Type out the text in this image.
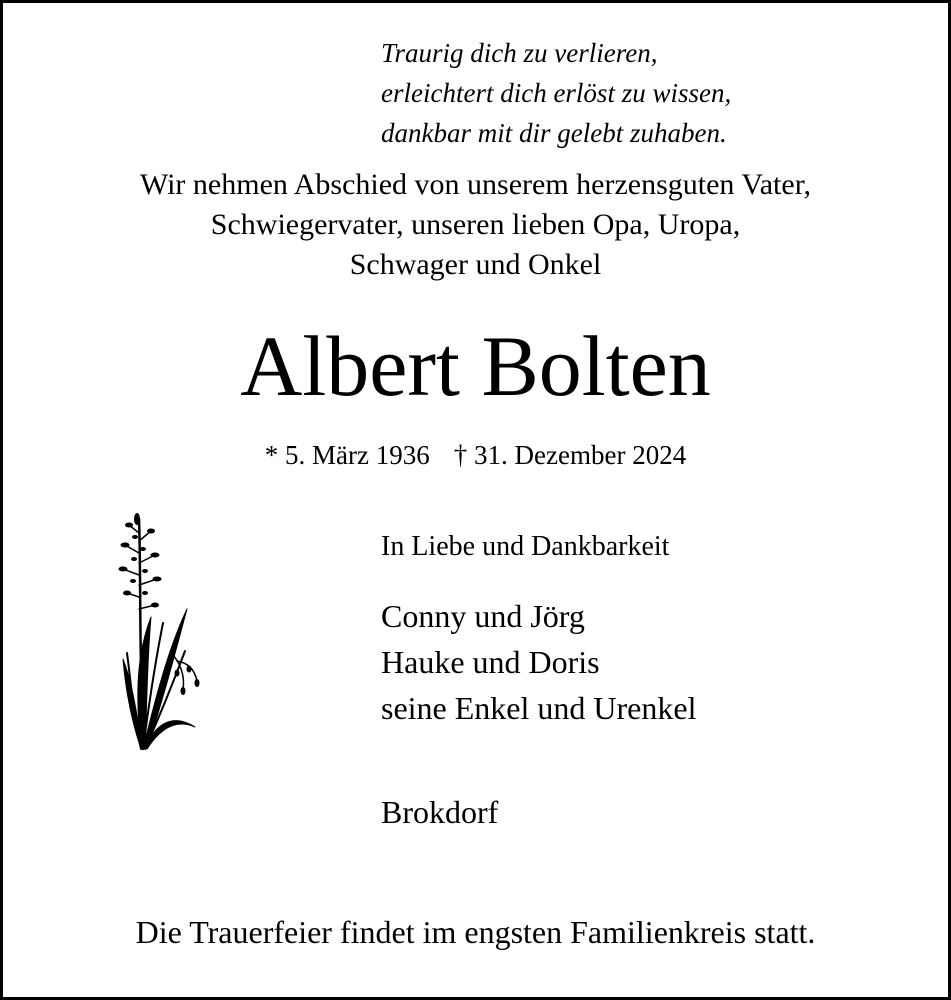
Traurig dich zu verlieren,
erleichtert dich erlöst zu wissen,
dankbar mit dir gelebt zuhaben.
Wir nehmen Abschied von unserem herzensguten Vater,
Schwiegervater, unseren lieben Opa, Uropa,
Schwager und Onkel
Albert Bolten
* 5. März 1936 † 31. Dezember 2024
In Liebe und Dankbarkeit
Conny und Jörg
Hauke und Doris
seine Enkel und Urenkel
Brokdorf
Die Trauerfeier findet im engsten Familienkreis statt.
